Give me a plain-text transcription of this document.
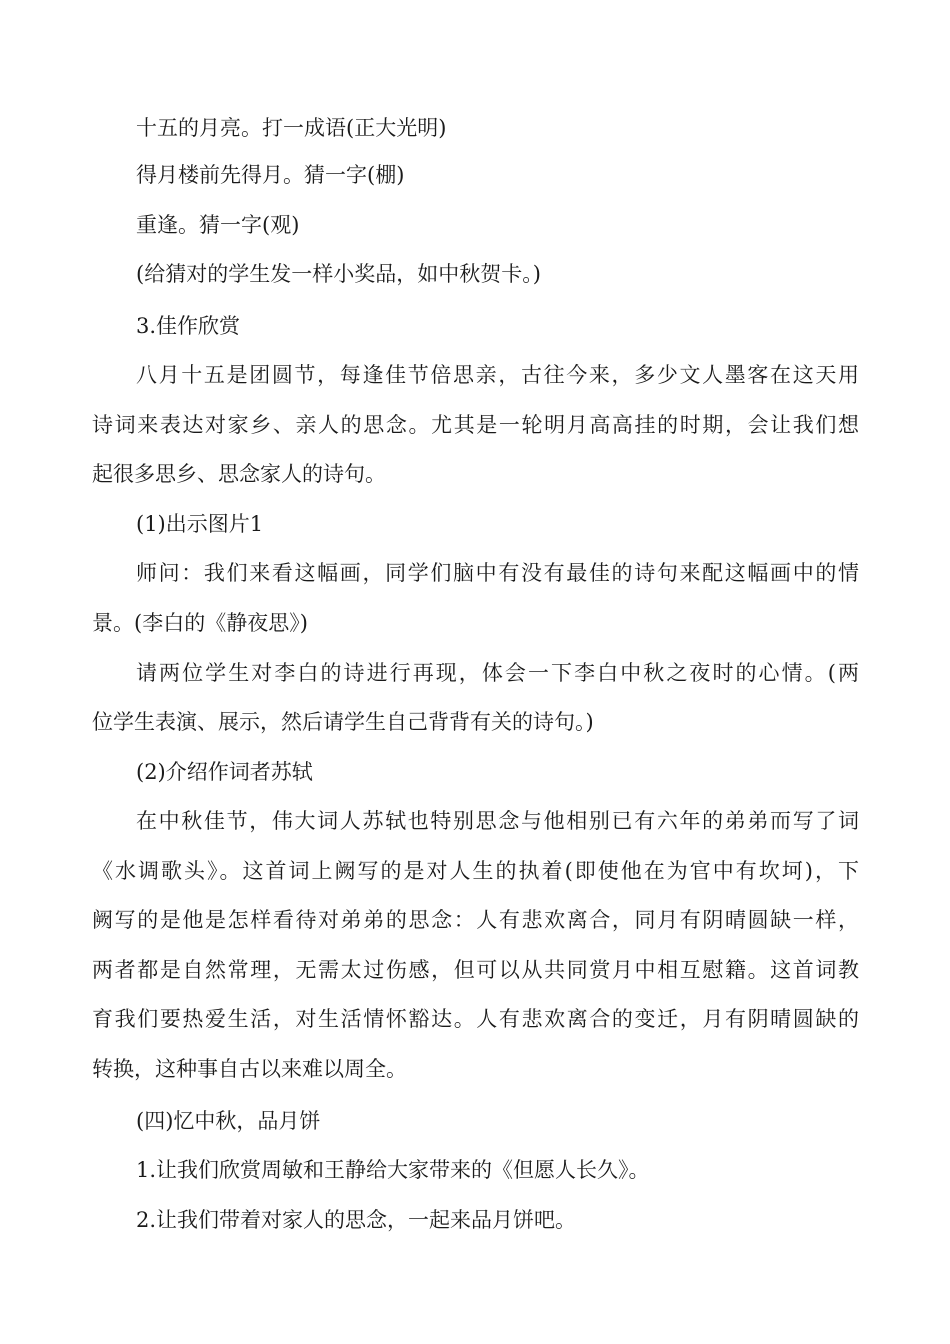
十五的月亮。打一成语(正大光明)

得月楼前先得月。猜一字(棚)

重逢。猜一字(观)

(给猜对的学生发一样小奖品，如中秋贺卡。)

3.佳作欣赏

八月十五是团圆节，每逢佳节倍思亲，古往今来，多少文人墨客在这天用

诗词来表达对家乡、亲人的思念。尤其是一轮明月高高挂的时期，会让我们想

起很多思乡、思念家人的诗句。

(1)出示图片1

师问：我们来看这幅画，同学们脑中有没有最佳的诗句来配这幅画中的情

景。(李白的《静夜思》)

请两位学生对李白的诗进行再现，体会一下李白中秋之夜时的心情。(两

位学生表演、展示，然后请学生自己背背有关的诗句。)

(2)介绍作词者苏轼

在中秋佳节，伟大词人苏轼也特别思念与他相别已有六年的弟弟而写了词

《水调歌头》。这首词上阙写的是对人生的执着(即使他在为官中有坎坷)，下

阙写的是他是怎样看待对弟弟的思念：人有悲欢离合，同月有阴晴圆缺一样，

两者都是自然常理，无需太过伤感，但可以从共同赏月中相互慰籍。这首词教

育我们要热爱生活，对生活情怀豁达。人有悲欢离合的变迁，月有阴晴圆缺的

转换，这种事自古以来难以周全。

(四)忆中秋，品月饼

1.让我们欣赏周敏和王静给大家带来的《但愿人长久》。

2.让我们带着对家人的思念，一起来品月饼吧。
